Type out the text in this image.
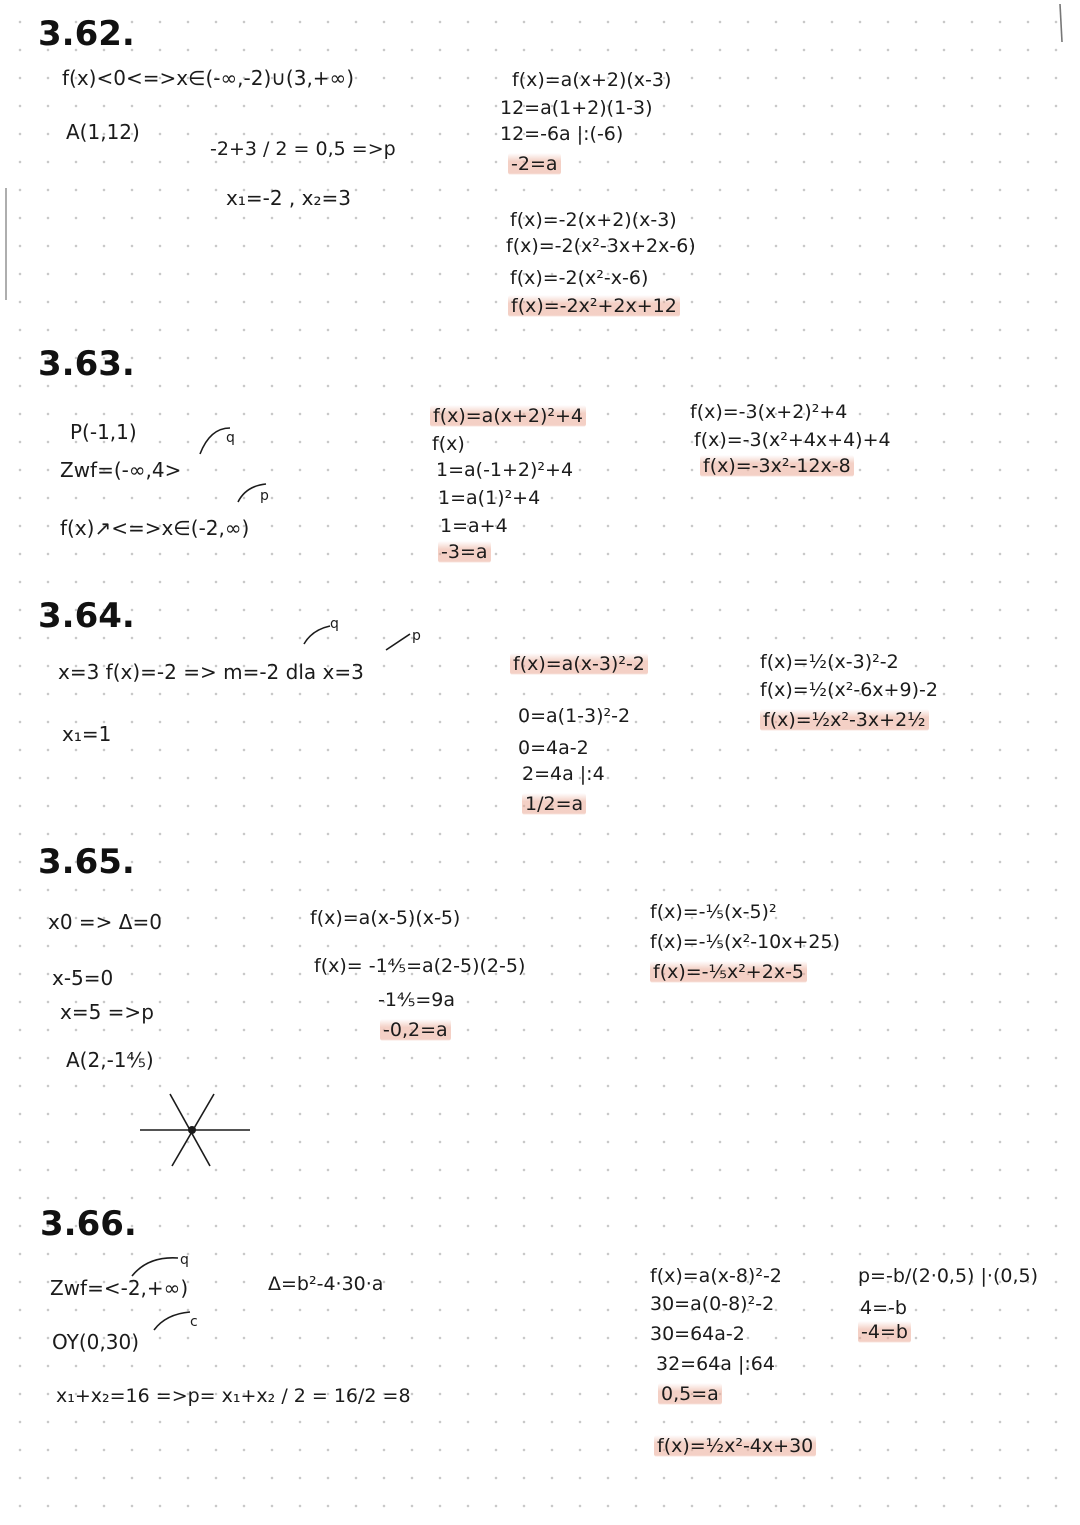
3.62.
f(x)<0<=>x∈(-∞,-2)∪(3,+∞)
A(1,12)
-2+3 / 2 = 0,5 =>p
x₁=-2 , x₂=3
f(x)=a(x+2)(x-3)
12=a(1+2)(1-3)
12=-6a |:(-6)
-2=a
f(x)=-2(x+2)(x-3)
f(x)=-2(x²-3x+2x-6)
f(x)=-2(x²-x-6)
f(x)=-2x²+2x+12
3.63.
P(-1,1)	q
Zwf=(-∞,4>
p
f(x)↗<=>x∈(-2,∞)
f(x)=a(x+2)²+4
f(x)
1=a(-1+2)²+4
1=a(1)²+4
1=a+4
-3=a
f(x)=-3(x+2)²+4
f(x)=-3(x²+4x+4)+4
f(x)=-3x²-12x-8
3.64.	q
p
x=3 f(x)=-2 => m=-2 dla x=3
x₁=1
f(x)=a(x-3)²-2
0=a(1-3)²-2
0=4a-2
2=4a |:4
1/2=a
f(x)=½(x-3)²-2
f(x)=½(x²-6x+9)-2
f(x)=½x²-3x+2½
3.65.
x0 => Δ=0
x-5=0
x=5 =>p
A(2,-1⅘)
f(x)=a(x-5)(x-5)
f(x)= -1⅘=a(2-5)(2-5)
-1⅘=9a
-0,2=a
f(x)=-⅕(x-5)²
f(x)=-⅕(x²-10x+25)
f(x)=-⅕x²+2x-5
3.66.
q
Zwf=<-2,+∞)
c
OY(0,30)
x₁+x₂=16 =>p= x₁+x₂ / 2 = 16/2 =8
Δ=b²-4·30·a	f(x)=a(x-8)²-2
30=a(0-8)²-2
30=64a-2
32=64a |:64
0,5=a
f(x)=½x²-4x+30
p=-b/(2·0,5) |·(0,5)
4=-b
-4=b
